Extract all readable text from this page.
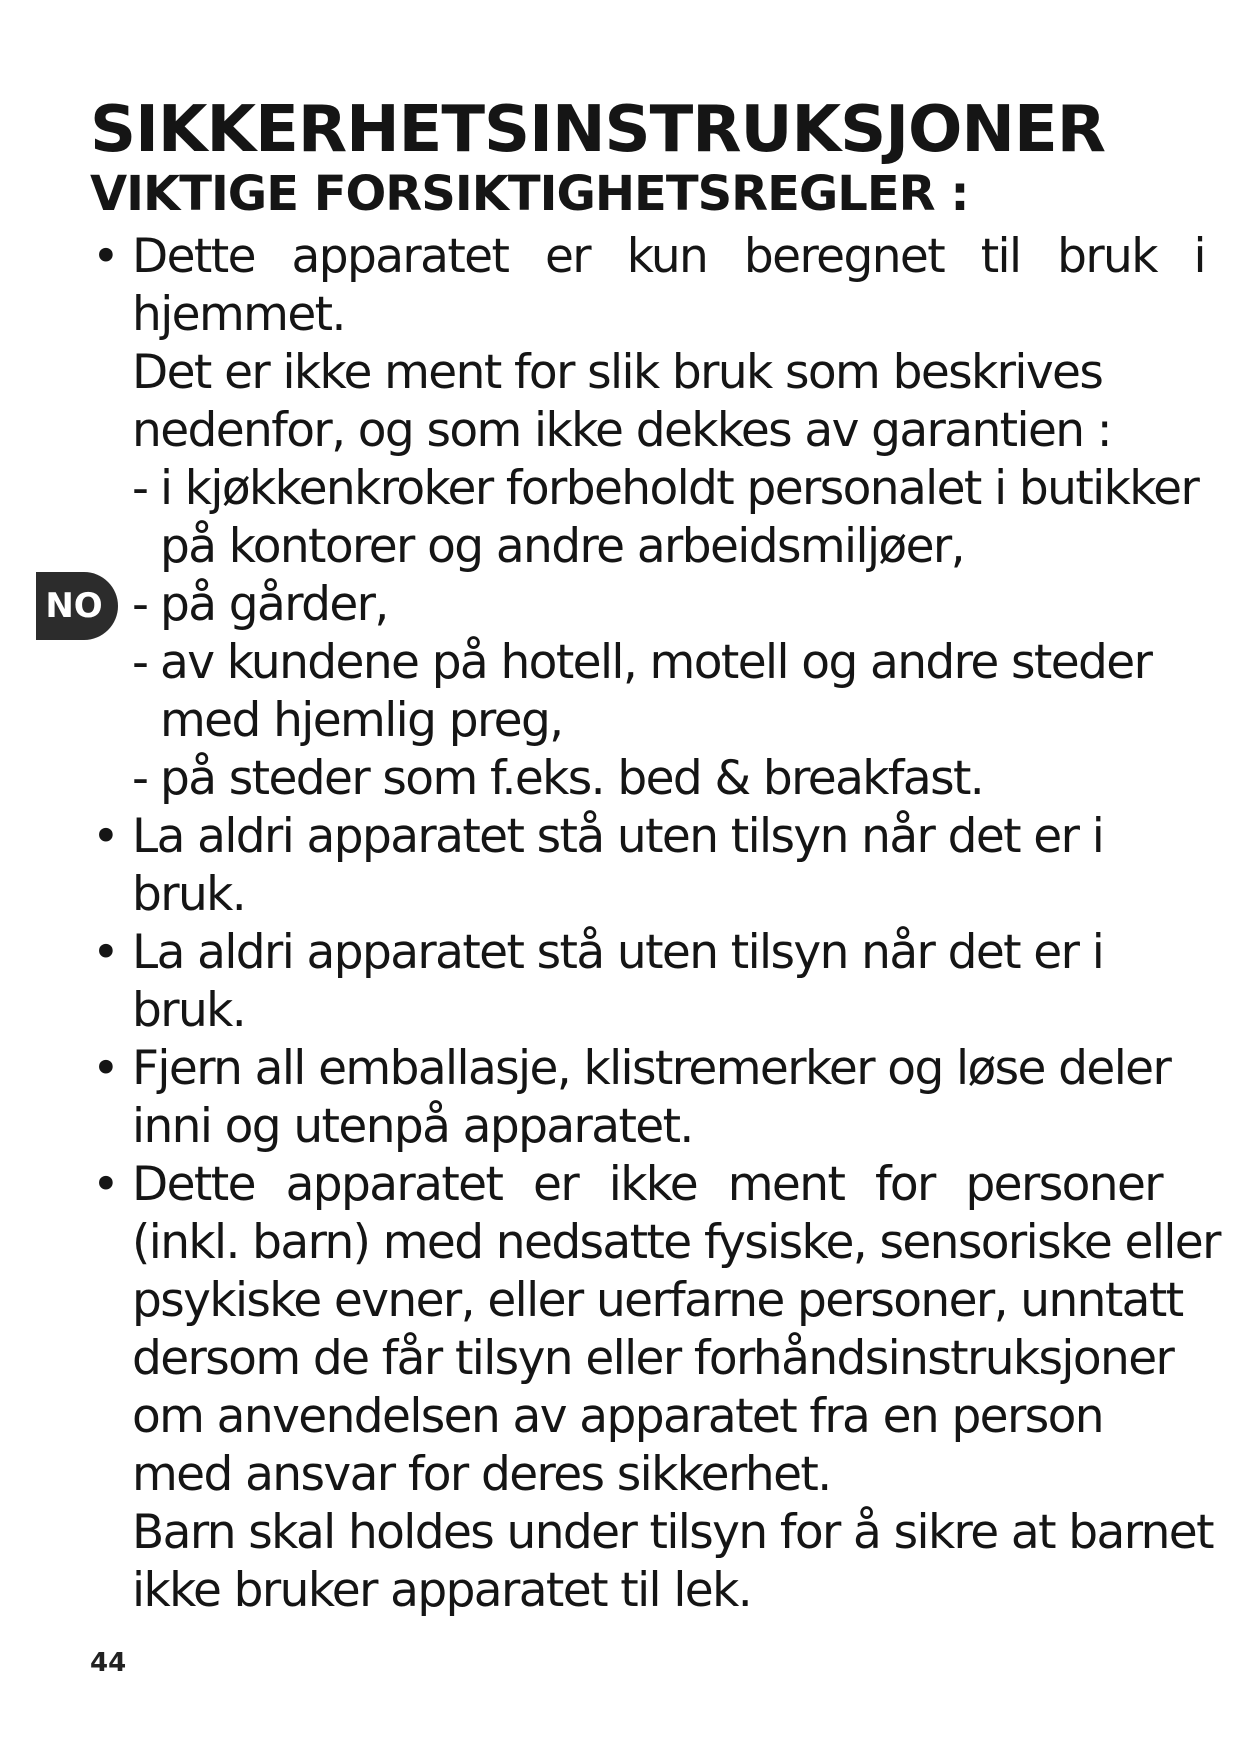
SIKKERHETSINSTRUKSJONER
VIKTIGE FORSIKTIGHETSREGLER :
NO
• Dette apparatet er kun beregnet til bruk i
hjemmet.
Det er ikke ment for slik bruk som beskrives
nedenfor, og som ikke dekkes av garantien :
- i kjøkkenkroker forbeholdt personalet i butikker
på kontorer og andre arbeidsmiljøer,
- på gårder,
- av kundene på hotell, motell og andre steder
med hjemlig preg,
- på steder som f.eks. bed & breakfast.
• La aldri apparatet stå uten tilsyn når det er i
bruk.
• La aldri apparatet stå uten tilsyn når det er i
bruk.
• Fjern all emballasje, klistremerker og løse deler
inni og utenpå apparatet.
• Dette apparatet er ikke ment for personer
(inkl. barn) med nedsatte fysiske, sensoriske eller
psykiske evner, eller uerfarne personer, unntatt
dersom de får tilsyn eller forhåndsinstruksjoner
om anvendelsen av apparatet fra en person
med ansvar for deres sikkerhet.
Barn skal holdes under tilsyn for å sikre at barnet
ikke bruker apparatet til lek.
44
